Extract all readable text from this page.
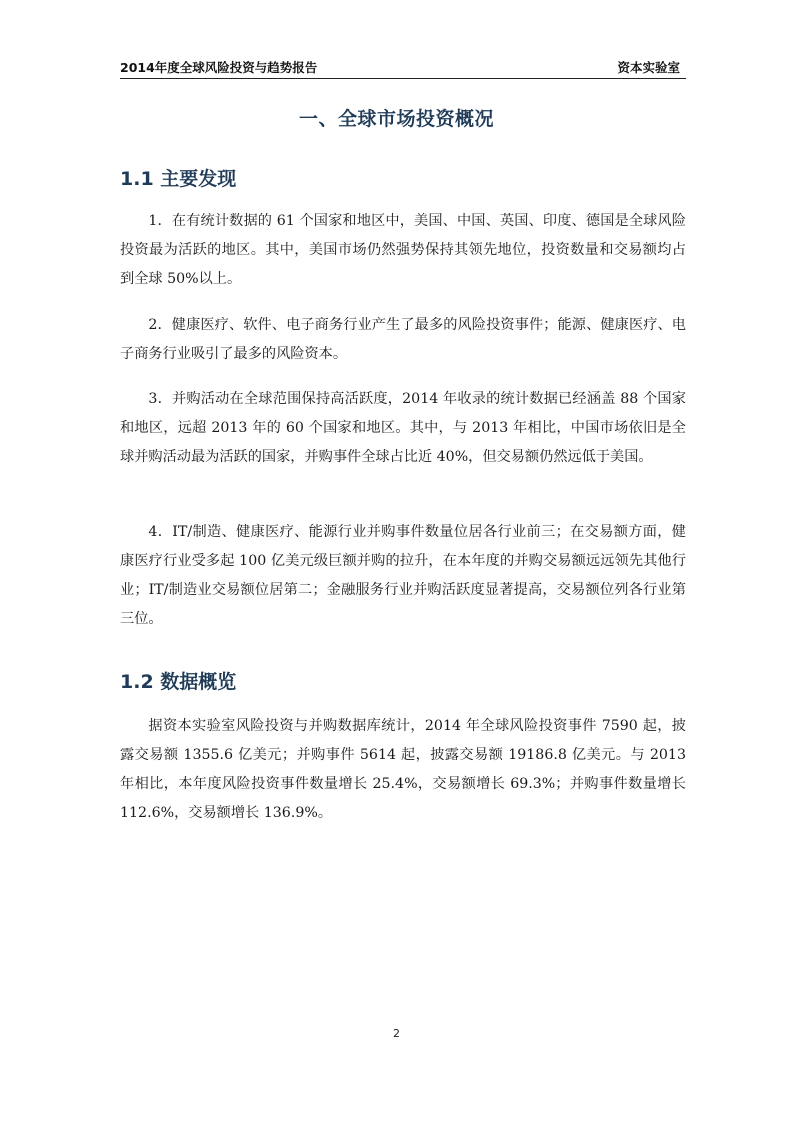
2014年度全球风险投资与趋势报告	资本实验室
一、全球市场投资概况
1.1 主要发现

1．在有统计数据的 61 个国家和地区中，美国、中国、英国、印度、德国是全球风险投资最为活跃的地区。其中，美国市场仍然强势保持其领先地位，投资数量和交易额均占到全球 50%以上。

2．健康医疗、软件、电子商务行业产生了最多的风险投资事件；能源、健康医疗、电子商务行业吸引了最多的风险资本。

3．并购活动在全球范围保持高活跃度，2014 年收录的统计数据已经涵盖 88 个国家和地区，远超 2013 年的 60 个国家和地区。其中，与 2013 年相比，中国市场依旧是全球并购活动最为活跃的国家，并购事件全球占比近 40%，但交易额仍然远低于美国。

4．IT/制造、健康医疗、能源行业并购事件数量位居各行业前三；在交易额方面，健康医疗行业受多起 100 亿美元级巨额并购的拉升，在本年度的并购交易额远远领先其他行业；IT/制造业交易额位居第二；金融服务行业并购活跃度显著提高，交易额位列各行业第三位。

1.2 数据概览

据资本实验室风险投资与并购数据库统计，2014 年全球风险投资事件 7590 起，披露交易额 1355.6 亿美元；并购事件 5614 起，披露交易额 19186.8 亿美元。与 2013 年相比，本年度风险投资事件数量增长 25.4%，交易额增长 69.3%；并购事件数量增长 112.6%，交易额增长 136.9%。

2
